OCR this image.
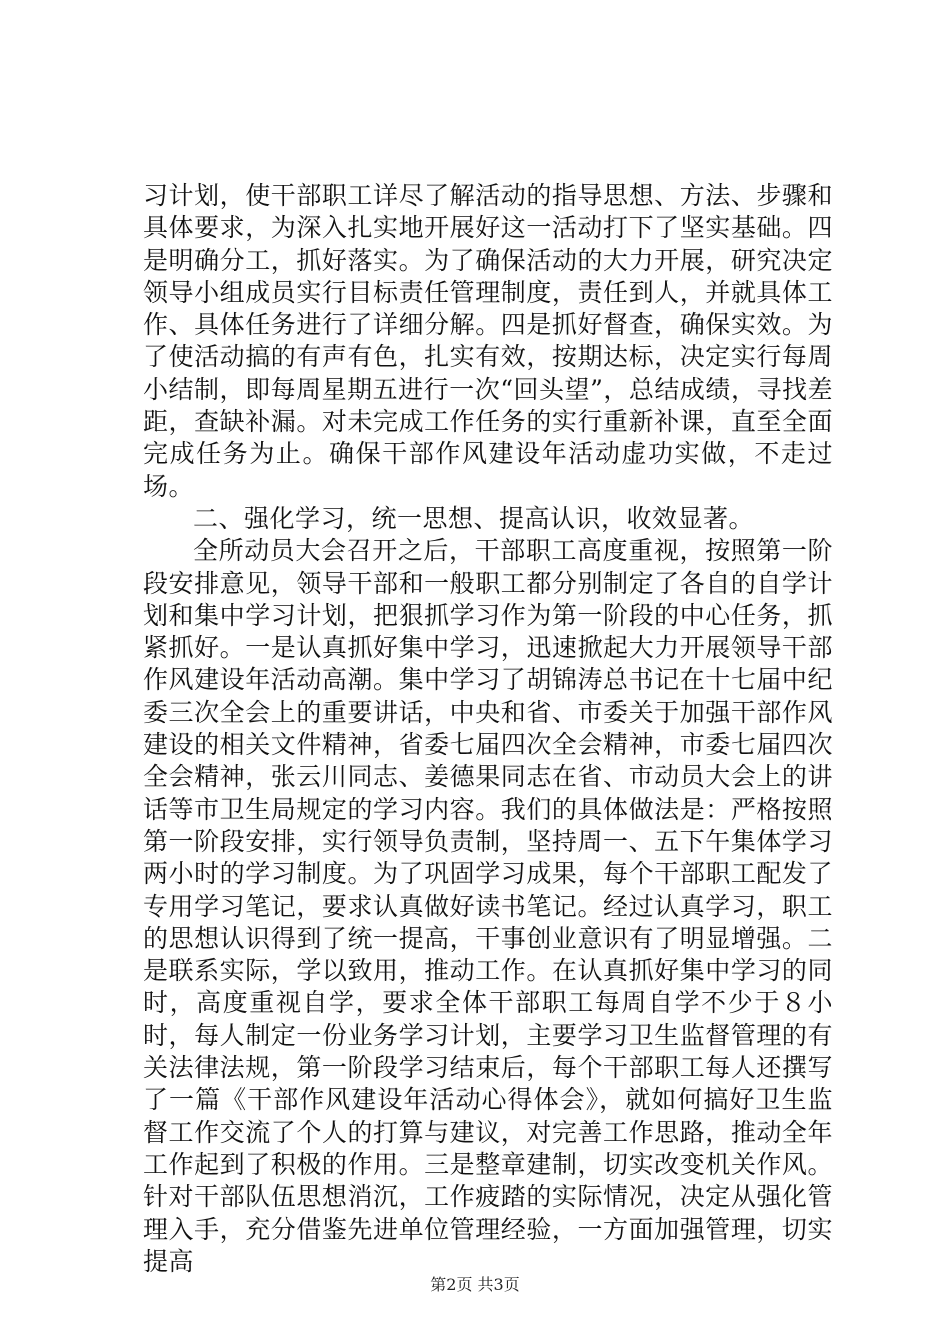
习计划，使干部职工详尽了解活动的指导思想、方法、步骤和具体要求，为深入扎实地开展好这一活动打下了坚实基础。四是明确分工，抓好落实。为了确保活动的大力开展，研究决定领导小组成员实行目标责任管理制度，责任到人，并就具体工作、具体任务进行了详细分解。四是抓好督查，确保实效。为了使活动搞的有声有色，扎实有效，按期达标，决定实行每周小结制，即每周星期五进行一次“回头望”，总结成绩，寻找差距，查缺补漏。对未完成工作任务的实行重新补课，直至全面完成任务为止。确保干部作风建设年活动虚功实做，不走过场。

二、强化学习，统一思想、提高认识，收效显著。

全所动员大会召开之后，干部职工高度重视，按照第一阶段安排意见，领导干部和一般职工都分别制定了各自的自学计划和集中学习计划，把狠抓学习作为第一阶段的中心任务，抓紧抓好。一是认真抓好集中学习，迅速掀起大力开展领导干部作风建设年活动高潮。集中学习了胡锦涛总书记在十七届中纪委三次全会上的重要讲话，中央和省、市委关于加强干部作风建设的相关文件精神，省委七届四次全会精神，市委七届四次全会精神，张云川同志、姜德果同志在省、市动员大会上的讲话等市卫生局规定的学习内容。我们的具体做法是：严格按照第一阶段安排，实行领导负责制，坚持周一、五下午集体学习两小时的学习制度。为了巩固学习成果，每个干部职工配发了专用学习笔记，要求认真做好读书笔记。经过认真学习，职工的思想认识得到了统一提高，干事创业意识有了明显增强。二是联系实际，学以致用，推动工作。在认真抓好集中学习的同时，高度重视自学，要求全体干部职工每周自学不少于８小时，每人制定一份业务学习计划，主要学习卫生监督管理的有关法律法规，第一阶段学习结束后，每个干部职工每人还撰写了一篇《干部作风建设年活动心得体会》，就如何搞好卫生监督工作交流了个人的打算与建议，对完善工作思路，推动全年工作起到了积极的作用。三是整章建制，切实改变机关作风。针对干部队伍思想消沉，工作疲踏的实际情况，决定从强化管理入手，充分借鉴先进单位管理经验，一方面加强管理，切实提高

第2页 共3页
